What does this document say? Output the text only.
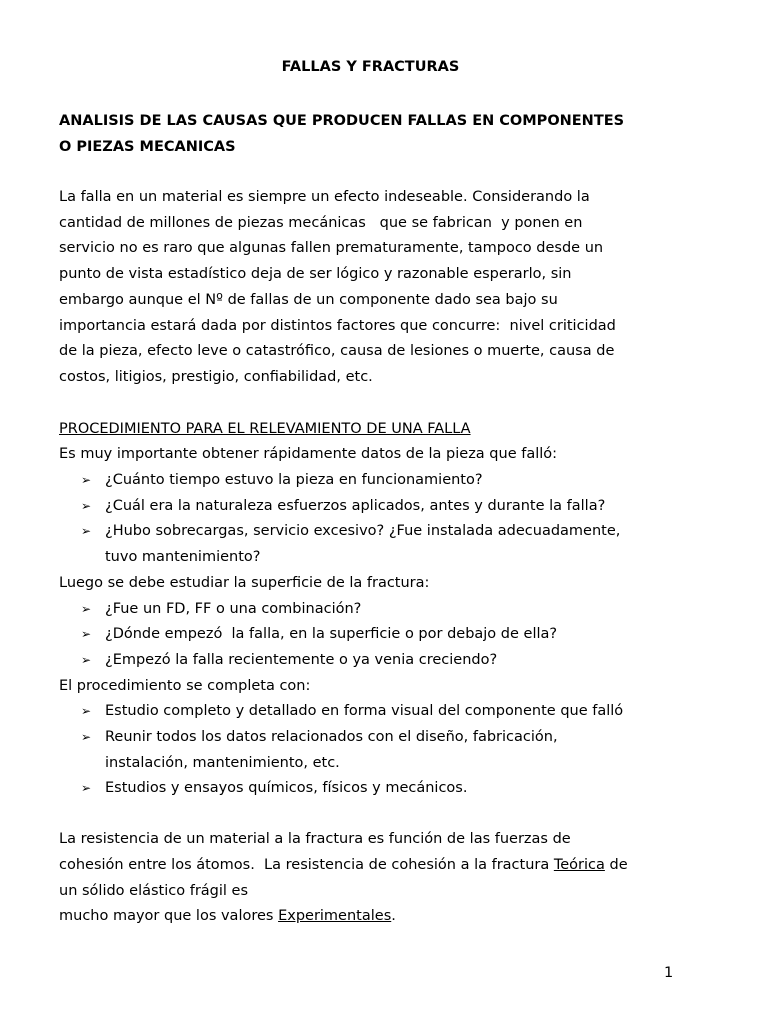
FALLAS Y FRACTURAS

ANALISIS DE LAS CAUSAS QUE PRODUCEN FALLAS EN COMPONENTES
O PIEZAS MECANICAS
La falla en un material es siempre un efecto indeseable. Considerando la
cantidad de millones de piezas mecánicas   que se fabrican  y ponen en
servicio no es raro que algunas fallen prematuramente, tampoco desde un
punto de vista estadístico deja de ser lógico y razonable esperarlo, sin
embargo aunque el Nº de fallas de un componente dado sea bajo su
importancia estará dada por distintos factores que concurre:  nivel criticidad
de la pieza, efecto leve o catastrófico, causa de lesiones o muerte, causa de
costos, litigios, prestigio, confiabilidad, etc.

PROCEDIMIENTO PARA EL RELEVAMIENTO DE UNA FALLA

Es muy importante obtener rápidamente datos de la pieza que falló:

➢ ¿Cuánto tiempo estuvo la pieza en funcionamiento?
➢ ¿Cuál era la naturaleza esfuerzos aplicados, antes y durante la falla?
➢ ¿Hubo sobrecargas, servicio excesivo? ¿Fue instalada adecuadamente,
tuvo mantenimiento?

Luego se debe estudiar la superficie de la fractura:

➢ ¿Fue un FD, FF o una combinación?
➢ ¿Dónde empezó  la falla, en la superficie o por debajo de ella?
➢ ¿Empezó la falla recientemente o ya venia creciendo?

El procedimiento se completa con:

➢ Estudio completo y detallado en forma visual del componente que falló
➢ Reunir todos los datos relacionados con el diseño, fabricación,
instalación, mantenimiento, etc.
➢ Estudios y ensayos químicos, físicos y mecánicos.
La resistencia de un material a la fractura es función de las fuerzas de
cohesión entre los átomos.  La resistencia de cohesión a la fractura Teórica de
un sólido elástico frágil es
mucho mayor que los valores Experimentales.
1
